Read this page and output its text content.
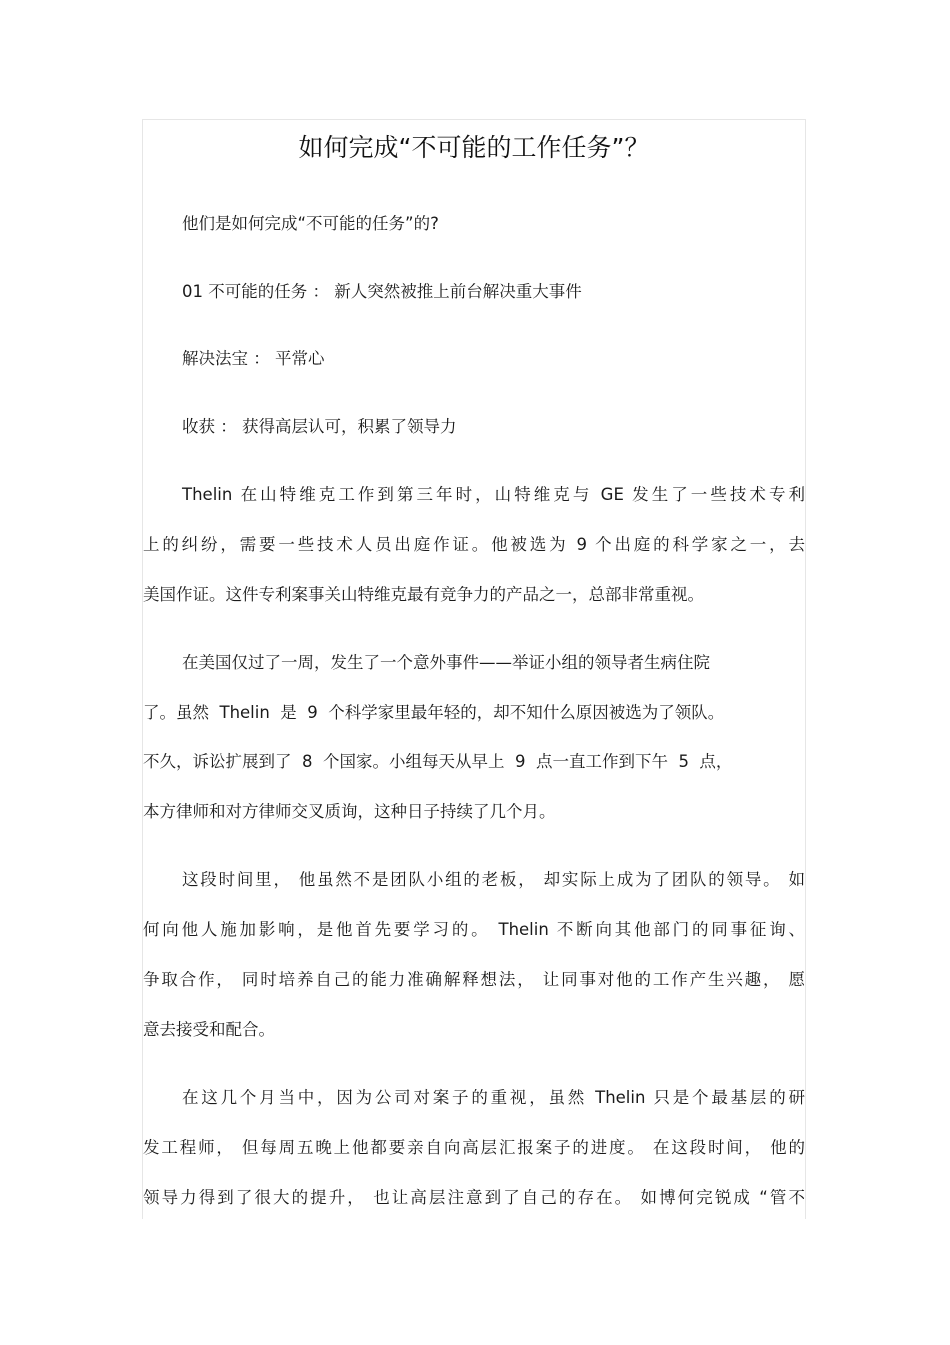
如何完成“不可能的工作任务”？
他们是如何完成“不可能的任务”的?
01 不可能的任务 ： 新人突然被推上前台解决重大事件
解决法宝 ： 平常心
收获 ： 获得高层认可，积累了领导力
Thelin 在山特维克工作到第三年时，山特维克与 GE 发生了一些技术专利
上的纠纷，需要一些技术人员出庭作证。他被选为 9 个出庭的科学家之一，去
美国作证。这件专利案事关山特维克最有竞争力的产品之一，总部非常重视。
在美国仅过了一周，发生了一个意外事件——举证小组的领导者生病住院
了。虽然  Thelin  是  9  个科学家里最年轻的，却不知什么原因被选为了领队。
不久，诉讼扩展到了  8  个国家。小组每天从早上  9  点一直工作到下午  5  点，
本方律师和对方律师交叉质询，这种日子持续了几个月。
这段时间里， 他虽然不是团队小组的老板， 却实际上成为了团队的领导。 如
何向他人施加影响，是他首先要学习的。 Thelin 不断向其他部门的同事征询、
争取合作， 同时培养自己的能力准确解释想法， 让同事对他的工作产生兴趣， 愿
意去接受和配合。
在这几个月当中，因为公司对案子的重视，虽然 Thelin 只是个最基层的研
发工程师， 但每周五晚上他都要亲自向高层汇报案子的进度。 在这段时间， 他的
领导力得到了很大的提升， 也让高层注意到了自己的存在。 如博何完锐成 “管不
